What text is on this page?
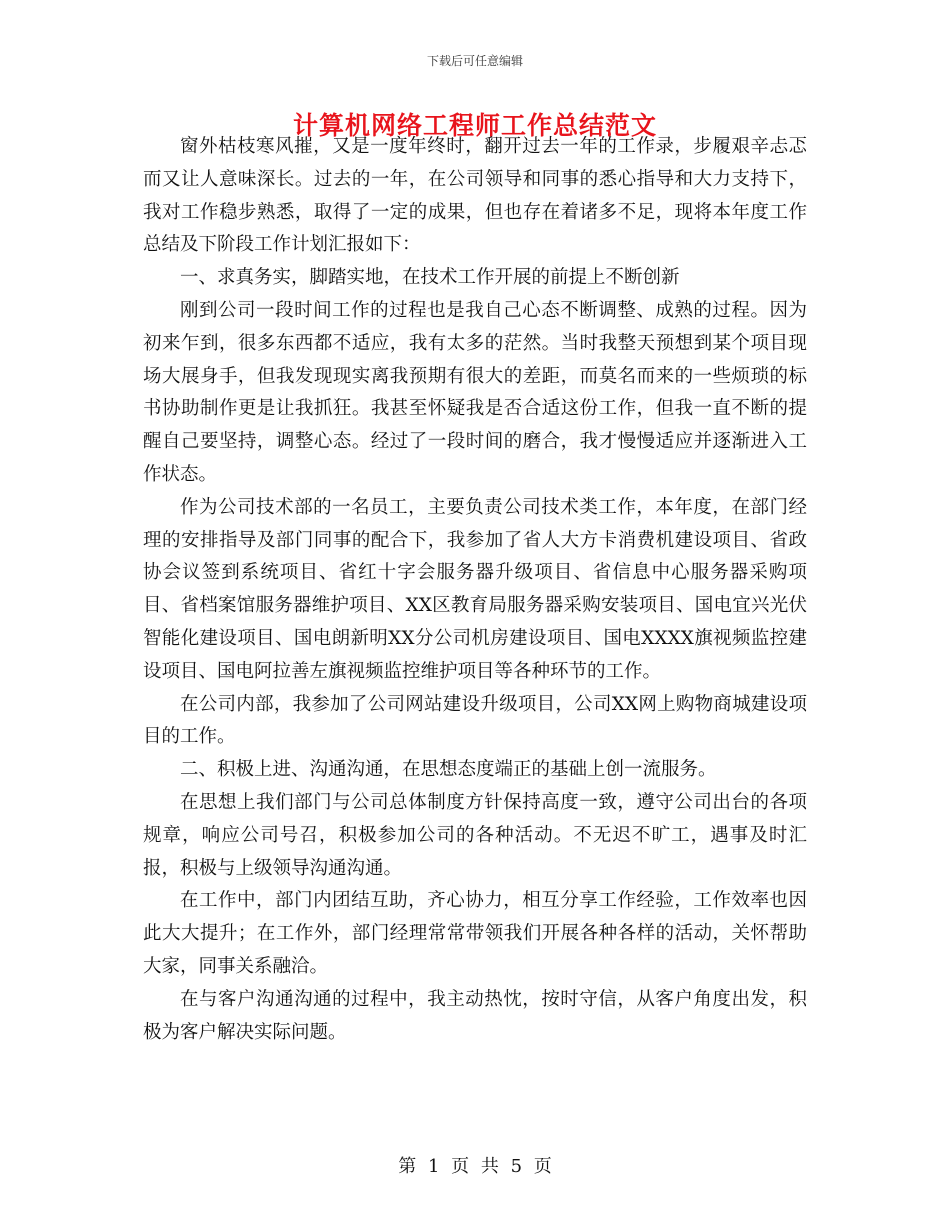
下载后可任意编辑
计算机网络工程师工作总结范文

窗外枯枝寒风摧，又是一度年终时，翻开过去一年的工作录，步履艰辛忐忑而又让人意味深长。过去的一年，在公司领导和同事的悉心指导和大力支持下，我对工作稳步熟悉，取得了一定的成果，但也存在着诸多不足，现将本年度工作总结及下阶段工作计划汇报如下：

一、求真务实，脚踏实地，在技术工作开展的前提上不断创新

刚到公司一段时间工作的过程也是我自己心态不断调整、成熟的过程。因为初来乍到，很多东西都不适应，我有太多的茫然。当时我整天预想到某个项目现场大展身手，但我发现现实离我预期有很大的差距，而莫名而来的一些烦琐的标书协助制作更是让我抓狂。我甚至怀疑我是否合适这份工作，但我一直不断的提醒自己要坚持，调整心态。经过了一段时间的磨合，我才慢慢适应并逐渐进入工作状态。

作为公司技术部的一名员工，主要负责公司技术类工作，本年度，在部门经理的安排指导及部门同事的配合下，我参加了省人大方卡消费机建设项目、省政协会议签到系统项目、省红十字会服务器升级项目、省信息中心服务器采购项目、省档案馆服务器维护项目、XX区教育局服务器采购安装项目、国电宜兴光伏智能化建设项目、国电朗新明XX分公司机房建设项目、国电XXXX旗视频监控建设项目、国电阿拉善左旗视频监控维护项目等各种环节的工作。

在公司内部，我参加了公司网站建设升级项目，公司XX网上购物商城建设项目的工作。

二、积极上进、沟通沟通，在思想态度端正的基础上创一流服务。

在思想上我们部门与公司总体制度方针保持高度一致，遵守公司出台的各项规章，响应公司号召，积极参加公司的各种活动。不无迟不旷工，遇事及时汇报，积极与上级领导沟通沟通。

在工作中，部门内团结互助，齐心协力，相互分享工作经验，工作效率也因此大大提升；在工作外，部门经理常常带领我们开展各种各样的活动，关怀帮助大家，同事关系融洽。

在与客户沟通沟通的过程中，我主动热忱，按时守信，从客户角度出发，积极为客户解决实际问题。

第 1 页 共 5 页
